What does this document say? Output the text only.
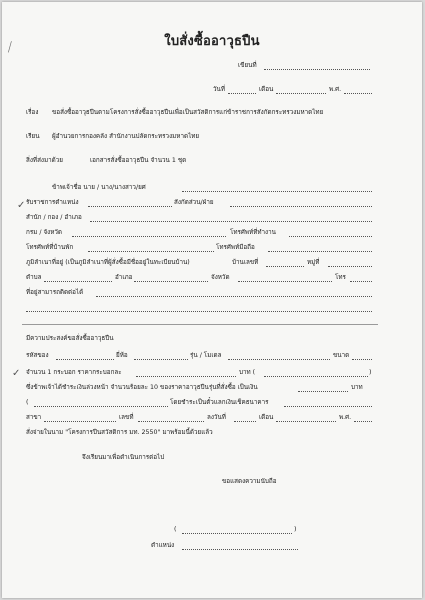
⟋	ใบสั่งซื้ออาวุธปืน
เขียนที่
วันที่	เดือน	พ.ศ.
เรื่อง ขอสั่งซื้ออาวุธปืนตามโครงการสั่งซื้ออาวุธปืนเพื่อเป็นสวัสดิการแก่ข้าราชการสังกัดกระทรวงมหาดไทย
เรียน ผู้อำนวยการกองคลัง สำนักงานปลัดกระทรวงมหาดไทย
สิ่งที่ส่งมาด้วย	เอกสารสั่งซื้ออาวุธปืน จำนวน 1 ชุด
ข้าพเจ้าชื่อ นาย / นาง/นางสาว/ยศ
✓ รับราชการตำแหน่ง	สังกัดส่วน/ฝ่าย
สำนัก / กอง / อำเภอ
กรม / จังหวัด	โทรศัพท์ที่ทำงาน
โทรศัพท์ที่บ้านพัก	โทรศัพท์มือถือ
ภูมิลำเนาที่อยู่ (เป็นภูมิลำเนาที่ผู้สั่งซื้อมีชื่ออยู่ในทะเบียนบ้าน)	บ้านเลขที่	หมู่ที่
ตำบล	อำเภอ	จังหวัด	โทร
ที่อยู่สามารถติดต่อได้
มีความประสงค์ขอสั่งซื้ออาวุธปืน
รหัสของ	ยี่ห้อ	รุ่น / โมเดล	ขนาด
✓ จำนวน 1 กระบอก ราคากระบอกละ	บาท (	)
ซึ่งข้าพเจ้าได้ชำระเงินล่วงหน้า จำนวนร้อยละ 10 ของราคาอาวุธปืนรุ่นที่สั่งซื้อ เป็นเงิน	บาท
(	โดยชำระเป็นตั๋วแลกเงินเช็คธนาคาร
สาขา	เลขที่	ลงวันที่	เดือน	พ.ศ.
สั่งจ่ายในนาม "โครงการปืนสวัสดิการ มท. 2550" มาพร้อมนี้ด้วยแล้ว
จึงเรียนมาเพื่อดำเนินการต่อไป
ขอแสดงความนับถือ
(	)
ตำแหน่ง
